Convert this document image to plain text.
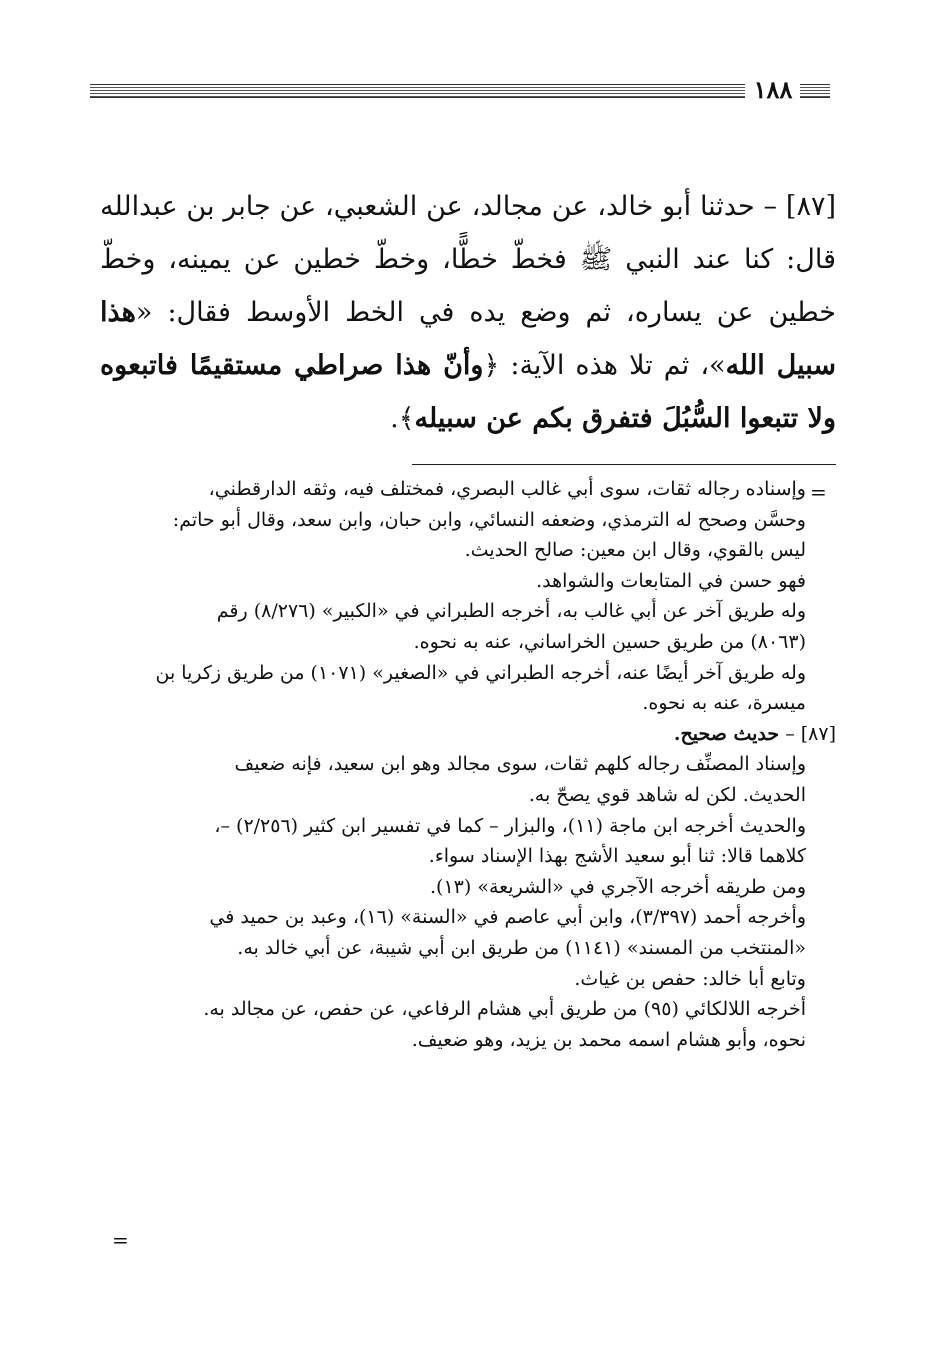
١٨٨

[٨٧] – حدثنا أبو خالد، عن مجالد، عن الشعبي، عن جابر بن عبدالله قال: كنا عند النبي ﷺ فخطّ خطًّا، وخطّ خطين عن يمينه، وخطّ خطين عن يساره، ثم وضع يده في الخط الأوسط فقال: «هذا سبيل الله»، ثم تلا هذه الآية: ﴿وأنّ هذا صراطي مستقيمًا فاتبعوه ولا تتبعوا السُّبُلَ فتفرق بكم عن سبيله﴾.

=
وإسناده رجاله ثقات، سوى أبي غالب البصري، فمختلف فيه، وثقه الدارقطني،
وحسَّن وصحح له الترمذي، وضعفه النسائي، وابن حبان، وابن سعد، وقال أبو حاتم:
ليس بالقوي، وقال ابن معين: صالح الحديث.
فهو حسن في المتابعات والشواهد.
وله طريق آخر عن أبي غالب به، أخرجه الطبراني في «الكبير» (٨/٢٧٦) رقم
(٨٠٦٣) من طريق حسين الخراساني، عنه به نحوه.
وله طريق آخر أيضًا عنه، أخرجه الطبراني في «الصغير» (١٠٧١) من طريق زكريا بن
ميسرة، عنه به نحوه.
[٨٧] – حديث صحيح.
وإسناد المصنِّف رجاله كلهم ثقات، سوى مجالد وهو ابن سعيد، فإنه ضعيف
الحديث. لكن له شاهد قوي يصحّ به.
والحديث أخرجه ابن ماجة (١١)، والبزار – كما في تفسير ابن كثير (٢/٢٥٦) –،
كلاهما قالا: ثنا أبو سعيد الأشج بهذا الإسناد سواء.
ومن طريقه أخرجه الآجري في «الشريعة» (١٣).
وأخرجه أحمد (٣/٣٩٧)، وابن أبي عاصم في «السنة» (١٦)، وعبد بن حميد في
«المنتخب من المسند» (١١٤١) من طريق ابن أبي شيبة، عن أبي خالد به.
وتابع أبا خالد: حفص بن غياث.
أخرجه اللالكائي (٩٥) من طريق أبي هشام الرفاعي، عن حفص، عن مجالد به.
نحوه، وأبو هشام اسمه محمد بن يزيد، وهو ضعيف.
=
